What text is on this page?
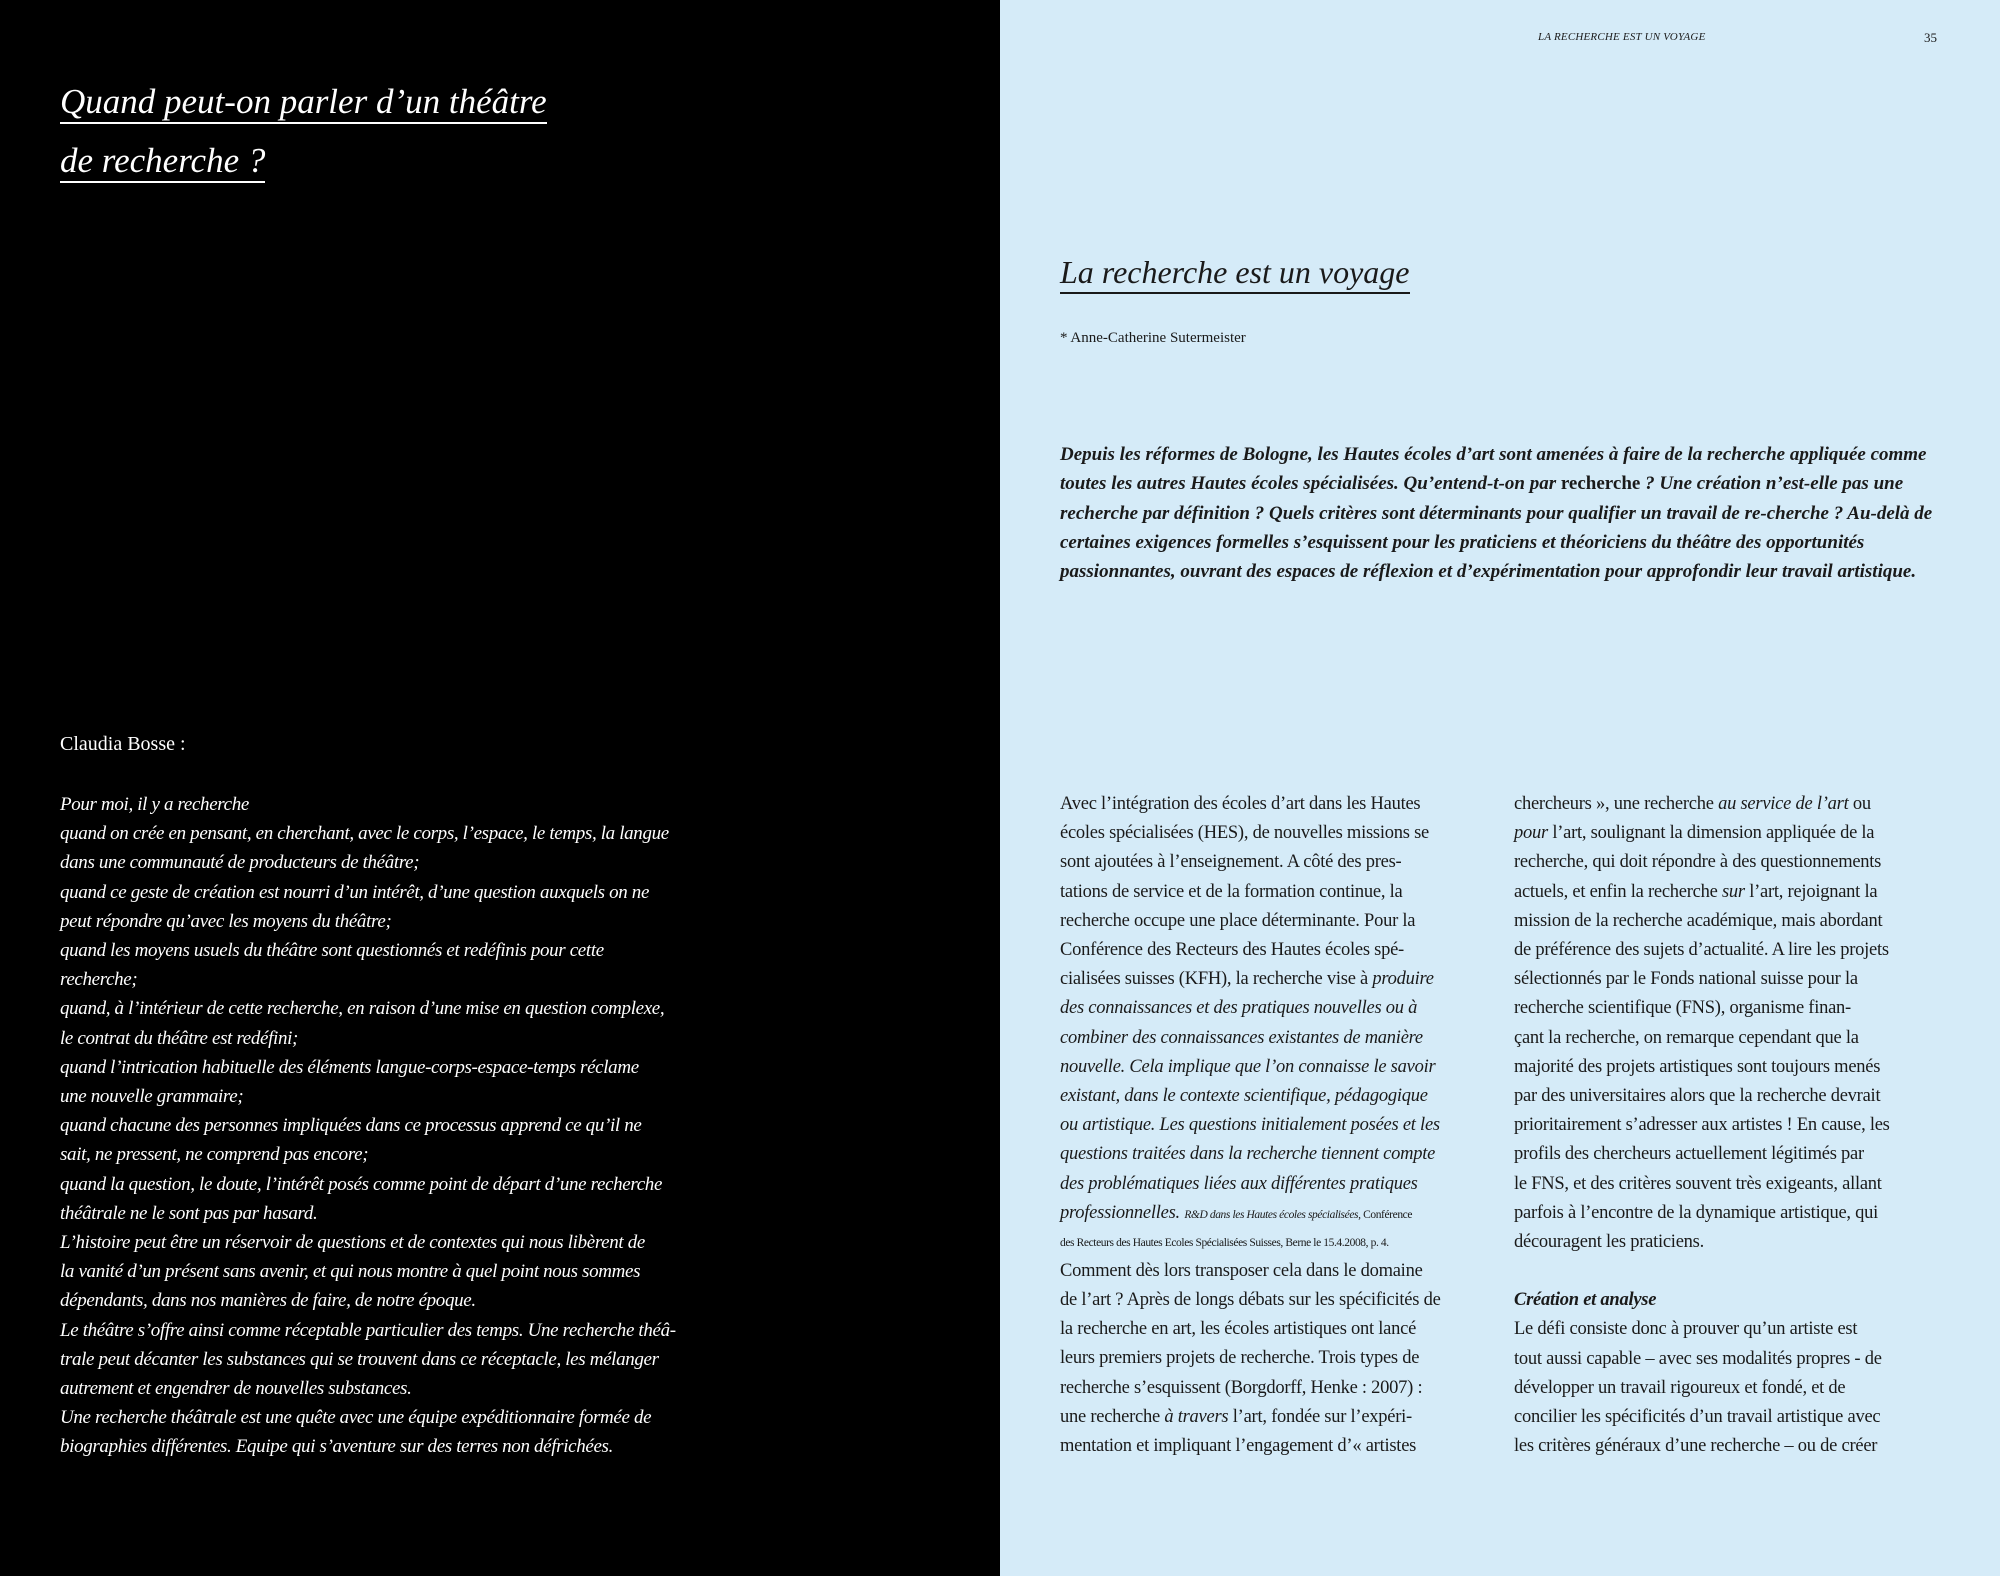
Quand peut-on parler d’un théâtre
de recherche ?

Claudia Bosse :

Pour moi, il y a recherche
quand on crée en pensant, en cherchant, avec le corps, l’espace, le temps, la langue
dans une communauté de producteurs de théâtre;
quand ce geste de création est nourri d’un intérêt, d’une question auxquels on ne
peut répondre qu’avec les moyens du théâtre;
quand les moyens usuels du théâtre sont questionnés et redéfinis pour cette
recherche;
quand, à l’intérieur de cette recherche, en raison d’une mise en question complexe,
le contrat du théâtre est redéfini;
quand l’intrication habituelle des éléments langue-corps-espace-temps réclame
une nouvelle grammaire;
quand chacune des personnes impliquées dans ce processus apprend ce qu’il ne
sait, ne pressent, ne comprend pas encore;
quand la question, le doute, l’intérêt posés comme point de départ d’une recherche
théâtrale ne le sont pas par hasard.
L’histoire peut être un réservoir de questions et de contextes qui nous libèrent de
la vanité d’un présent sans avenir, et qui nous montre à quel point nous sommes
dépendants, dans nos manières de faire, de notre époque.
Le théâtre s’offre ainsi comme réceptable particulier des temps. Une recherche théâ-
trale peut décanter les substances qui se trouvent dans ce réceptacle, les mélanger
autrement et engendrer de nouvelles substances.
Une recherche théâtrale est une quête avec une équipe expéditionnaire formée de
biographies différentes. Equipe qui s’aventure sur des terres non défrichées.

LA RECHERCHE EST UN VOYAGE	35
La recherche est un voyage

* Anne-Catherine Sutermeister

Depuis les réformes de Bologne, les Hautes écoles d’art sont amenées à faire de la recherche appliquée comme toutes les autres Hautes écoles spécialisées. Qu’entend-t-on par recherche ? Une création n’est-elle pas une recherche par définition ? Quels critères sont déterminants pour qualifier un travail de re-cherche ? Au-delà de certaines exigences formelles s’esquissent pour les praticiens et théoriciens du théâtre des opportunités passionnantes, ouvrant des espaces de réflexion et d’expérimentation pour approfondir leur travail artistique.

Avec l’intégration des écoles d’art dans les Hautes
écoles spécialisées (HES), de nouvelles missions se
sont ajoutées à l’enseignement. A côté des pres-
tations de service et de la formation continue, la
recherche occupe une place déterminante. Pour la
Conférence des Recteurs des Hautes écoles spé-
cialisées suisses (KFH), la recherche vise à produire
des connaissances et des pratiques nouvelles ou à
combiner des connaissances existantes de manière
nouvelle. Cela implique que l’on connaisse le savoir
existant, dans le contexte scientifique, pédagogique
ou artistique. Les questions initialement posées et les
questions traitées dans la recherche tiennent compte
des problématiques liées aux différentes pratiques
professionnelles. R&D dans les Hautes écoles spécialisées, Conférence
des Recteurs des Hautes Ecoles Spécialisées Suisses, Berne le 15.4.2008, p. 4.

Comment dès lors transposer cela dans le domaine
de l’art ? Après de longs débats sur les spécificités de
la recherche en art, les écoles artistiques ont lancé
leurs premiers projets de recherche. Trois types de
recherche s’esquissent (Borgdorff, Henke : 2007) :
une recherche à travers l’art, fondée sur l’expéri-
mentation et impliquant l’engagement d’« artistes

chercheurs », une recherche au service de l’art ou
pour l’art, soulignant la dimension appliquée de la
recherche, qui doit répondre à des questionnements
actuels, et enfin la recherche sur l’art, rejoignant la
mission de la recherche académique, mais abordant
de préférence des sujets d’actualité. A lire les projets
sélectionnés par le Fonds national suisse pour la
recherche scientifique (FNS), organisme finan-
çant la recherche, on remarque cependant que la
majorité des projets artistiques sont toujours menés
par des universitaires alors que la recherche devrait
prioritairement s’adresser aux artistes ! En cause, les
profils des chercheurs actuellement légitimés par
le FNS, et des critères souvent très exigeants, allant
parfois à l’encontre de la dynamique artistique, qui
découragent les praticiens.

Création et analyse
Le défi consiste donc à prouver qu’un artiste est
tout aussi capable – avec ses modalités propres - de
développer un travail rigoureux et fondé, et de
concilier les spécificités d’un travail artistique avec
les critères généraux d’une recherche – ou de créer
